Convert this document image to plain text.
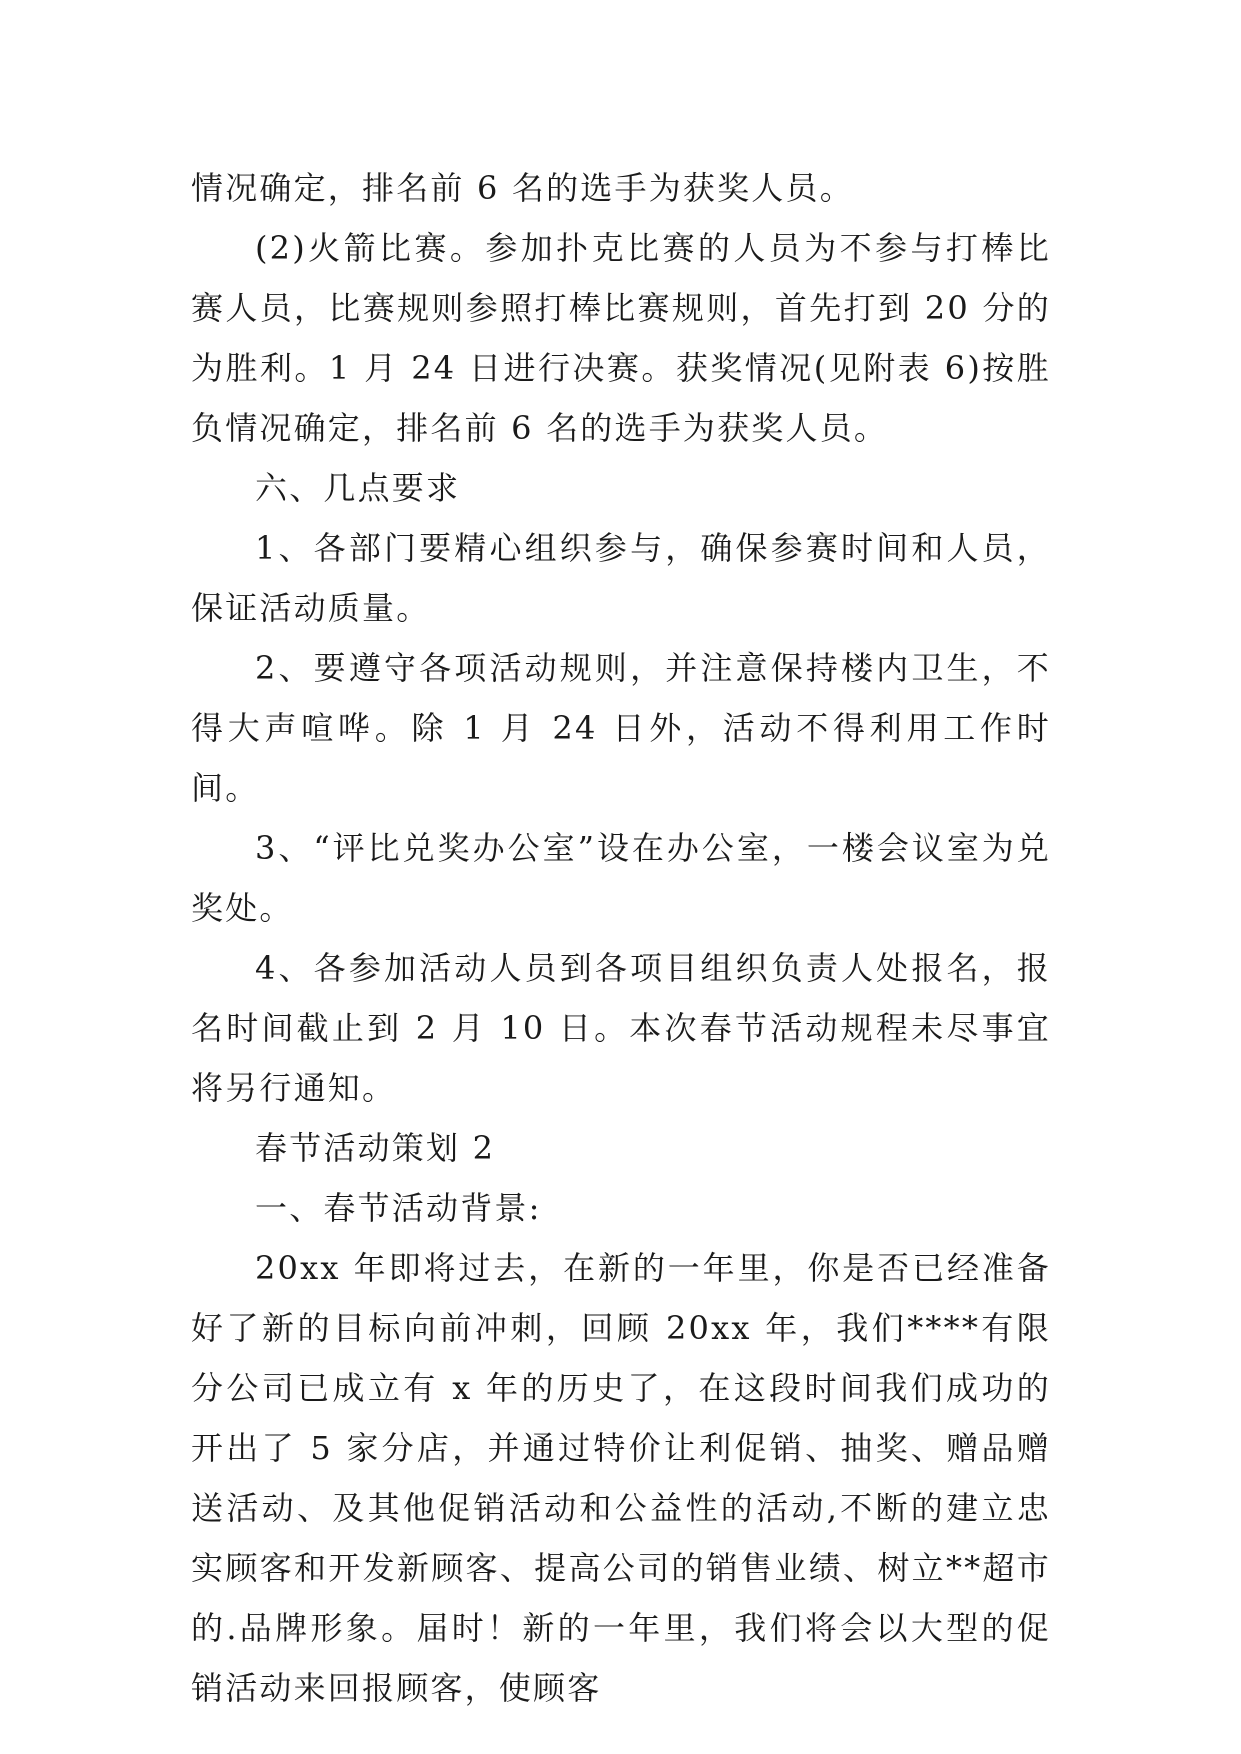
情况确定，排名前 6 名的选手为获奖人员。

(2)火箭比赛。参加扑克比赛的人员为不参与打棒比赛人员，比赛规则参照打棒比赛规则，首先打到 20 分的为胜利。1 月 24 日进行决赛。获奖情况(见附表 6)按胜负情况确定，排名前 6 名的选手为获奖人员。

六、几点要求

1、各部门要精心组织参与，确保参赛时间和人员，保证活动质量。

2、要遵守各项活动规则，并注意保持楼内卫生，不得大声喧哗。除 1 月 24 日外，活动不得利用工作时间。

3、“评比兑奖办公室”设在办公室，一楼会议室为兑奖处。

4、各参加活动人员到各项目组织负责人处报名，报名时间截止到 2 月 10 日。本次春节活动规程未尽事宜将另行通知。

春节活动策划 2

一、春节活动背景:

20xx 年即将过去，在新的一年里，你是否已经准备好了新的目标向前冲刺，回顾 20xx 年，我们****有限分公司已成立有 x 年的历史了，在这段时间我们成功的开出了 5 家分店，并通过特价让利促销、抽奖、赠品赠送活动、及其他促销活动和公益性的活动,不断的建立忠实顾客和开发新顾客、提高公司的销售业绩、树立**超市的.品牌形象。届时！新的一年里，我们将会以大型的促销活动来回报顾客，使顾客
